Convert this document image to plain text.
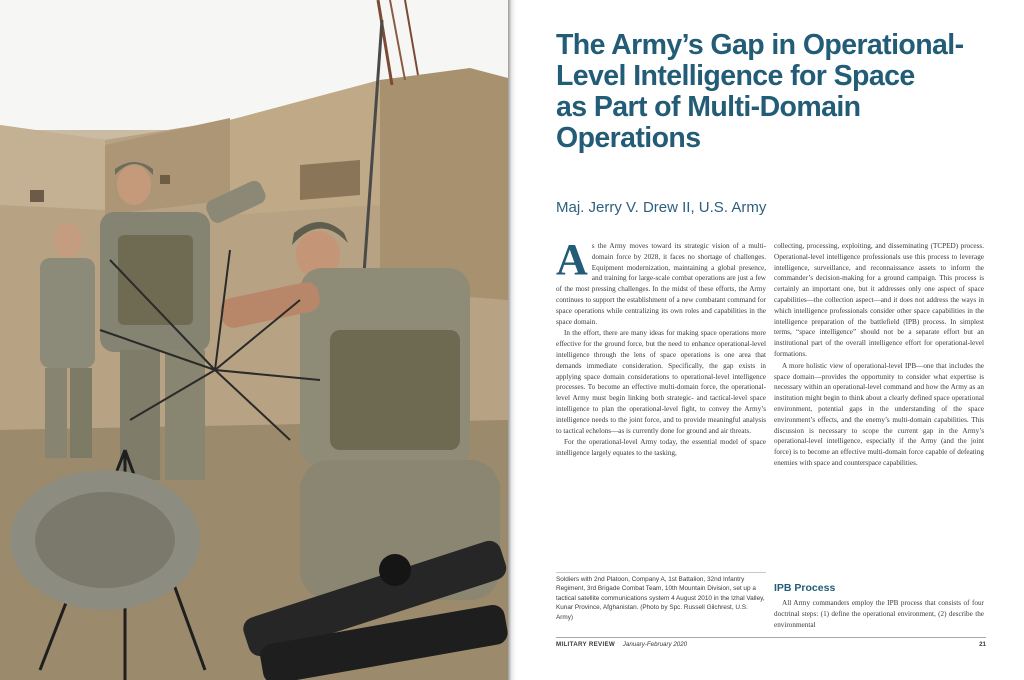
The Army’s Gap in Operational-
Level Intelligence for Space
as Part of Multi-Domain
Operations
Maj. Jerry V. Drew II, U.S. Army
A s the Army moves toward its strategic vision of a multi-domain force by 2028, it faces no shortage of challenges. Equipment modernization, maintaining a global presence, and training for large-scale combat operations are just a few of the most pressing challenges. In the midst of these efforts, the Army continues to support the establishment of a new combatant command for space operations while centralizing its own roles and capabilities in the space domain.

In the effort, there are many ideas for making space operations more effective for the ground force, but the need to enhance operational-level intelligence through the lens of space operations is one area that demands immediate consideration. Specifically, the gap exists in applying space domain considerations to operational-level intelligence processes. To become an effective multi-domain force, the operational-level Army must begin linking both strategic- and tactical-level space intelligence to plan the operational-level fight, to convey the Army’s intelligence needs to the joint force, and to provide meaningful analysis to tactical echelons—as is currently done for ground and air threats.

For the operational-level Army today, the essential model of space intelligence largely equates to the tasking,

collecting, processing, exploiting, and disseminating (TCPED) process. Operational-level intelligence professionals use this process to leverage intelligence, surveillance, and reconnaissance assets to inform the commander’s decision-making for a ground campaign. This process is certainly an important one, but it addresses only one aspect of space capabilities—the collection aspect—and it does not address the ways in which intelligence professionals consider other space capabilities in the intelligence preparation of the battlefield (IPB) process. In simplest terms, “space intelligence” should not be a separate effort but an institutional part of the overall intelligence effort for operational-level formations.

A more holistic view of operational-level IPB—one that includes the space domain—provides the opportunity to consider what expertise is necessary within an operational-level command and how the Army as an institution might begin to think about a clearly defined space operational environment, potential gaps in the understanding of the space environment’s effects, and the enemy’s multi-domain capabilities. This discussion is necessary to scope the current gap in the Army’s operational-level intelligence, especially if the Army (and the joint force) is to become an effective multi-domain force capable of defeating enemies with space and counterspace capabilities.

Soldiers with 2nd Platoon, Company A, 1st Battalion, 32nd Infantry Regiment, 3rd Brigade Combat Team, 10th Mountain Division, set up a tactical satellite communications system 4 August 2010 in the Izhal Valley, Kunar Province, Afghanistan. (Photo by Spc. Russell Gilchrest, U.S. Army)
IPB Process

All Army commanders employ the IPB process that consists of four doctrinal steps: (1) define the operational environment, (2) describe the environmental

MILITARY REVIEW January-February 2020	21
